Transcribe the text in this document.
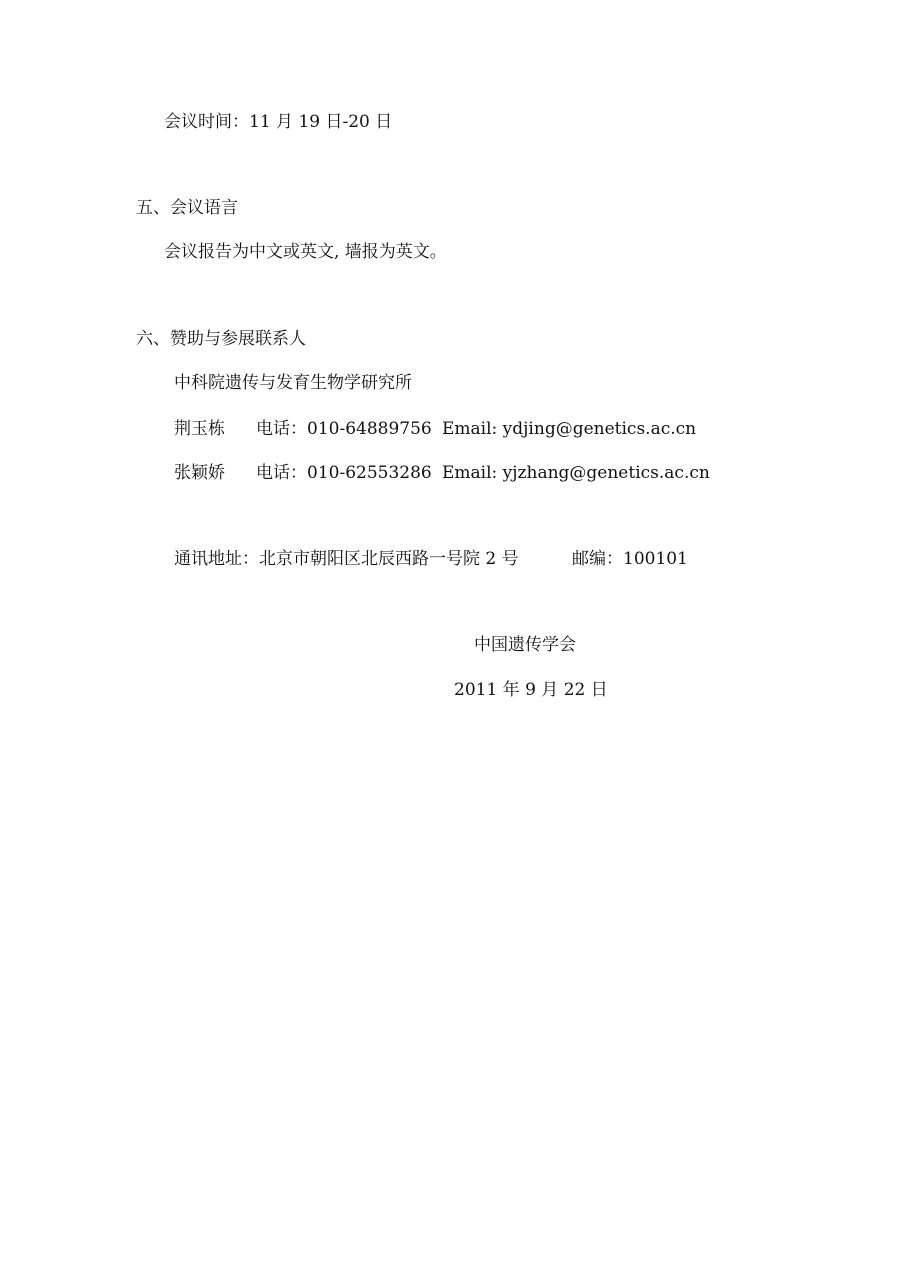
会议时间：11 月 19 日-20 日
五、会议语言
会议报告为中文或英文, 墙报为英文。
六、赞助与参展联系人
中科院遗传与发育生物学研究所
荆玉栋 电话：010-64889756 Email: ydjing@genetics.ac.cn
张颖娇 电话：010-62553286 Email: yjzhang@genetics.ac.cn
通讯地址：北京市朝阳区北辰西路一号院 2 号	邮编：100101
中国遗传学会
2011 年 9 月 22 日
